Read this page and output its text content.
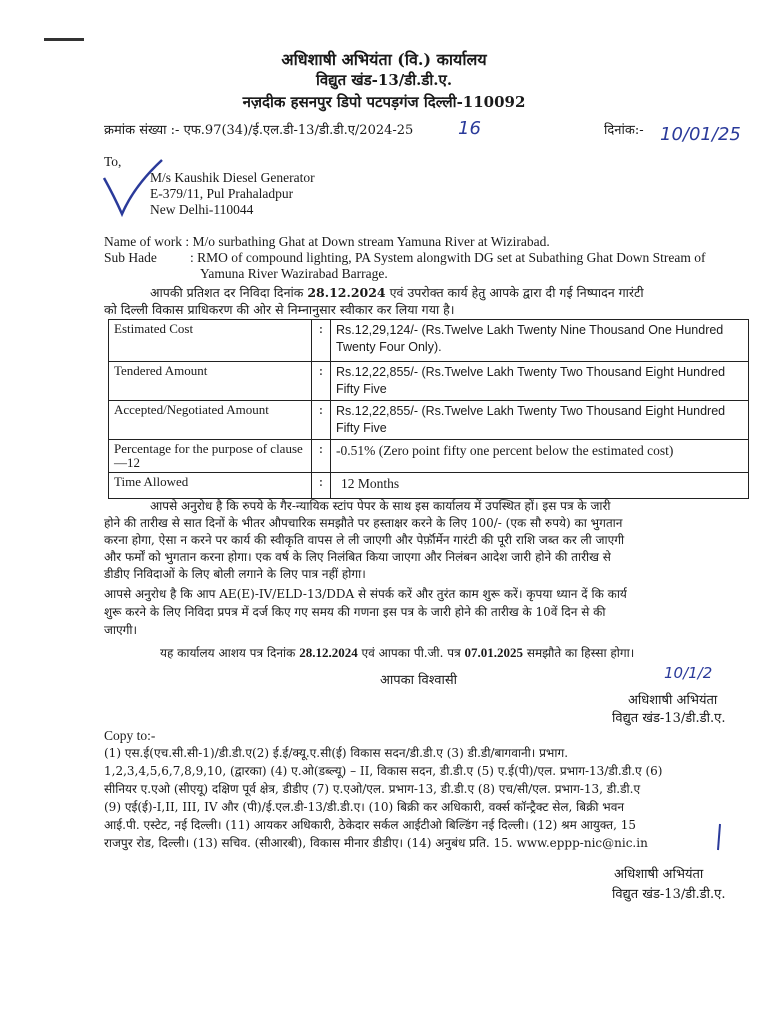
अधिशाषी अभियंता (वि.) कार्यालय
विद्युत खंड-13/डी.डी.ए.
नज़दीक हसनपुर डिपो पटपड़गंज दिल्ली-110092
क्रमांक संख्या :- एफ.97(34)/ई.एल.डी-13/डी.डी.ए/2024-25 16	दिनांक:- 10/01/25
To,
M/s Kaushik Diesel Generator
E-379/11, Pul Prahaladpur
New Delhi-110044
Name of work : M/o surbathing Ghat at Down stream Yamuna River at Wizirabad.
Sub Hade : RMO of compound lighting, PA System alongwith DG set at Subathing Ghat Down Stream of
Yamuna River Wazirabad Barrage.
आपकी प्रतिशत दर निविदा दिनांक 28.12.2024 एवं उपरोक्त कार्य हेतु आपके द्वारा दी गई निष्पादन गारंटी
को दिल्ली विकास प्राधिकरण की ओर से निम्नानुसार स्वीकार कर लिया गया है।
Estimated Cost	:	Rs.12,29,124/- (Rs.Twelve Lakh Twenty Nine Thousand One Hundred Twenty Four Only).
Tendered Amount	:	Rs.12,22,855/- (Rs.Twelve Lakh Twenty Two Thousand Eight Hundred Fifty Five
Accepted/Negotiated Amount	:	Rs.12,22,855/- (Rs.Twelve Lakh Twenty Two Thousand Eight Hundred Fifty Five
Percentage for the purpose of clause—12	:	-0.51% (Zero point fifty one percent below the estimated cost)
Time Allowed	:	12 Months
आपसे अनुरोध है कि रुपये के गैर-न्यायिक स्टांप पेपर के साथ इस कार्यालय में उपस्थित हों। इस पत्र के जारी
होने की तारीख से सात दिनों के भीतर औपचारिक समझौते पर हस्ताक्षर करने के लिए 100/- (एक सौ रुपये) का भुगतान
करना होगा, ऐसा न करने पर कार्य की स्वीकृति वापस ले ली जाएगी और पेर्फ़ॉर्मेन गारंटी की पूरी राशि जब्त कर ली जाएगी
और फर्मों को भुगतान करना होगा। एक वर्ष के लिए निलंबित किया जाएगा और निलंबन आदेश जारी होने की तारीख से
डीडीए निविदाओं के लिए बोली लगाने के लिए पात्र नहीं होगा।
आपसे अनुरोध है कि आप AE(E)-IV/ELD-13/DDA से संपर्क करें और तुरंत काम शुरू करें। कृपया ध्यान दें कि कार्य
शुरू करने के लिए निविदा प्रपत्र में दर्ज किए गए समय की गणना इस पत्र के जारी होने की तारीख के 10वें दिन से की
जाएगी।
यह कार्यालय आशय पत्र दिनांक 28.12.2024 एवं आपका पी.जी. पत्र 07.01.2025 समझौते का हिस्सा होगा।
आपका विश्वासी	10/1/2
अधिशाषी अभियंता
विद्युत खंड-13/डी.डी.ए.
Copy to:-
(1) एस.ई(एच.सी.सी-1)/डी.डी.ए(2) ई.ई/क्यू.ए.सी(ई) विकास सदन/डी.डी.ए (3) डी.डी/बागवानी। प्रभाग.
1,2,3,4,5,6,7,8,9,10, (द्वारका) (4) ए.ओ(डब्ल्यू) – II, विकास सदन, डी.डी.ए (5) ए.ई(पी)/एल. प्रभाग-13/डी.डी.ए (6)
सीनियर ए.एओ (सीएयू) दक्षिण पूर्व क्षेत्र, डीडीए (7) ए.एओ/एल. प्रभाग-13, डी.डी.ए (8) एच/सी/एल. प्रभाग-13, डी.डी.ए
(9) एई(ई)-I,II, III, IV और (पी)/ई.एल.डी-13/डी.डी.ए। (10) बिक्री कर अधिकारी, वर्क्स कॉन्ट्रैक्ट सेल, बिक्री भवन
आई.पी. एस्टेट, नई दिल्ली। (11) आयकर अधिकारी, ठेकेदार सर्कल आईटीओ बिल्डिंग नई दिल्ली। (12) श्रम आयुक्त, 15
राजपुर रोड, दिल्ली। (13) सचिव. (सीआरबी), विकास मीनार डीडीए। (14) अनुबंध प्रति. 15. www.eppp-nic@nic.in
अधिशाषी अभियंता
विद्युत खंड-13/डी.डी.ए.
